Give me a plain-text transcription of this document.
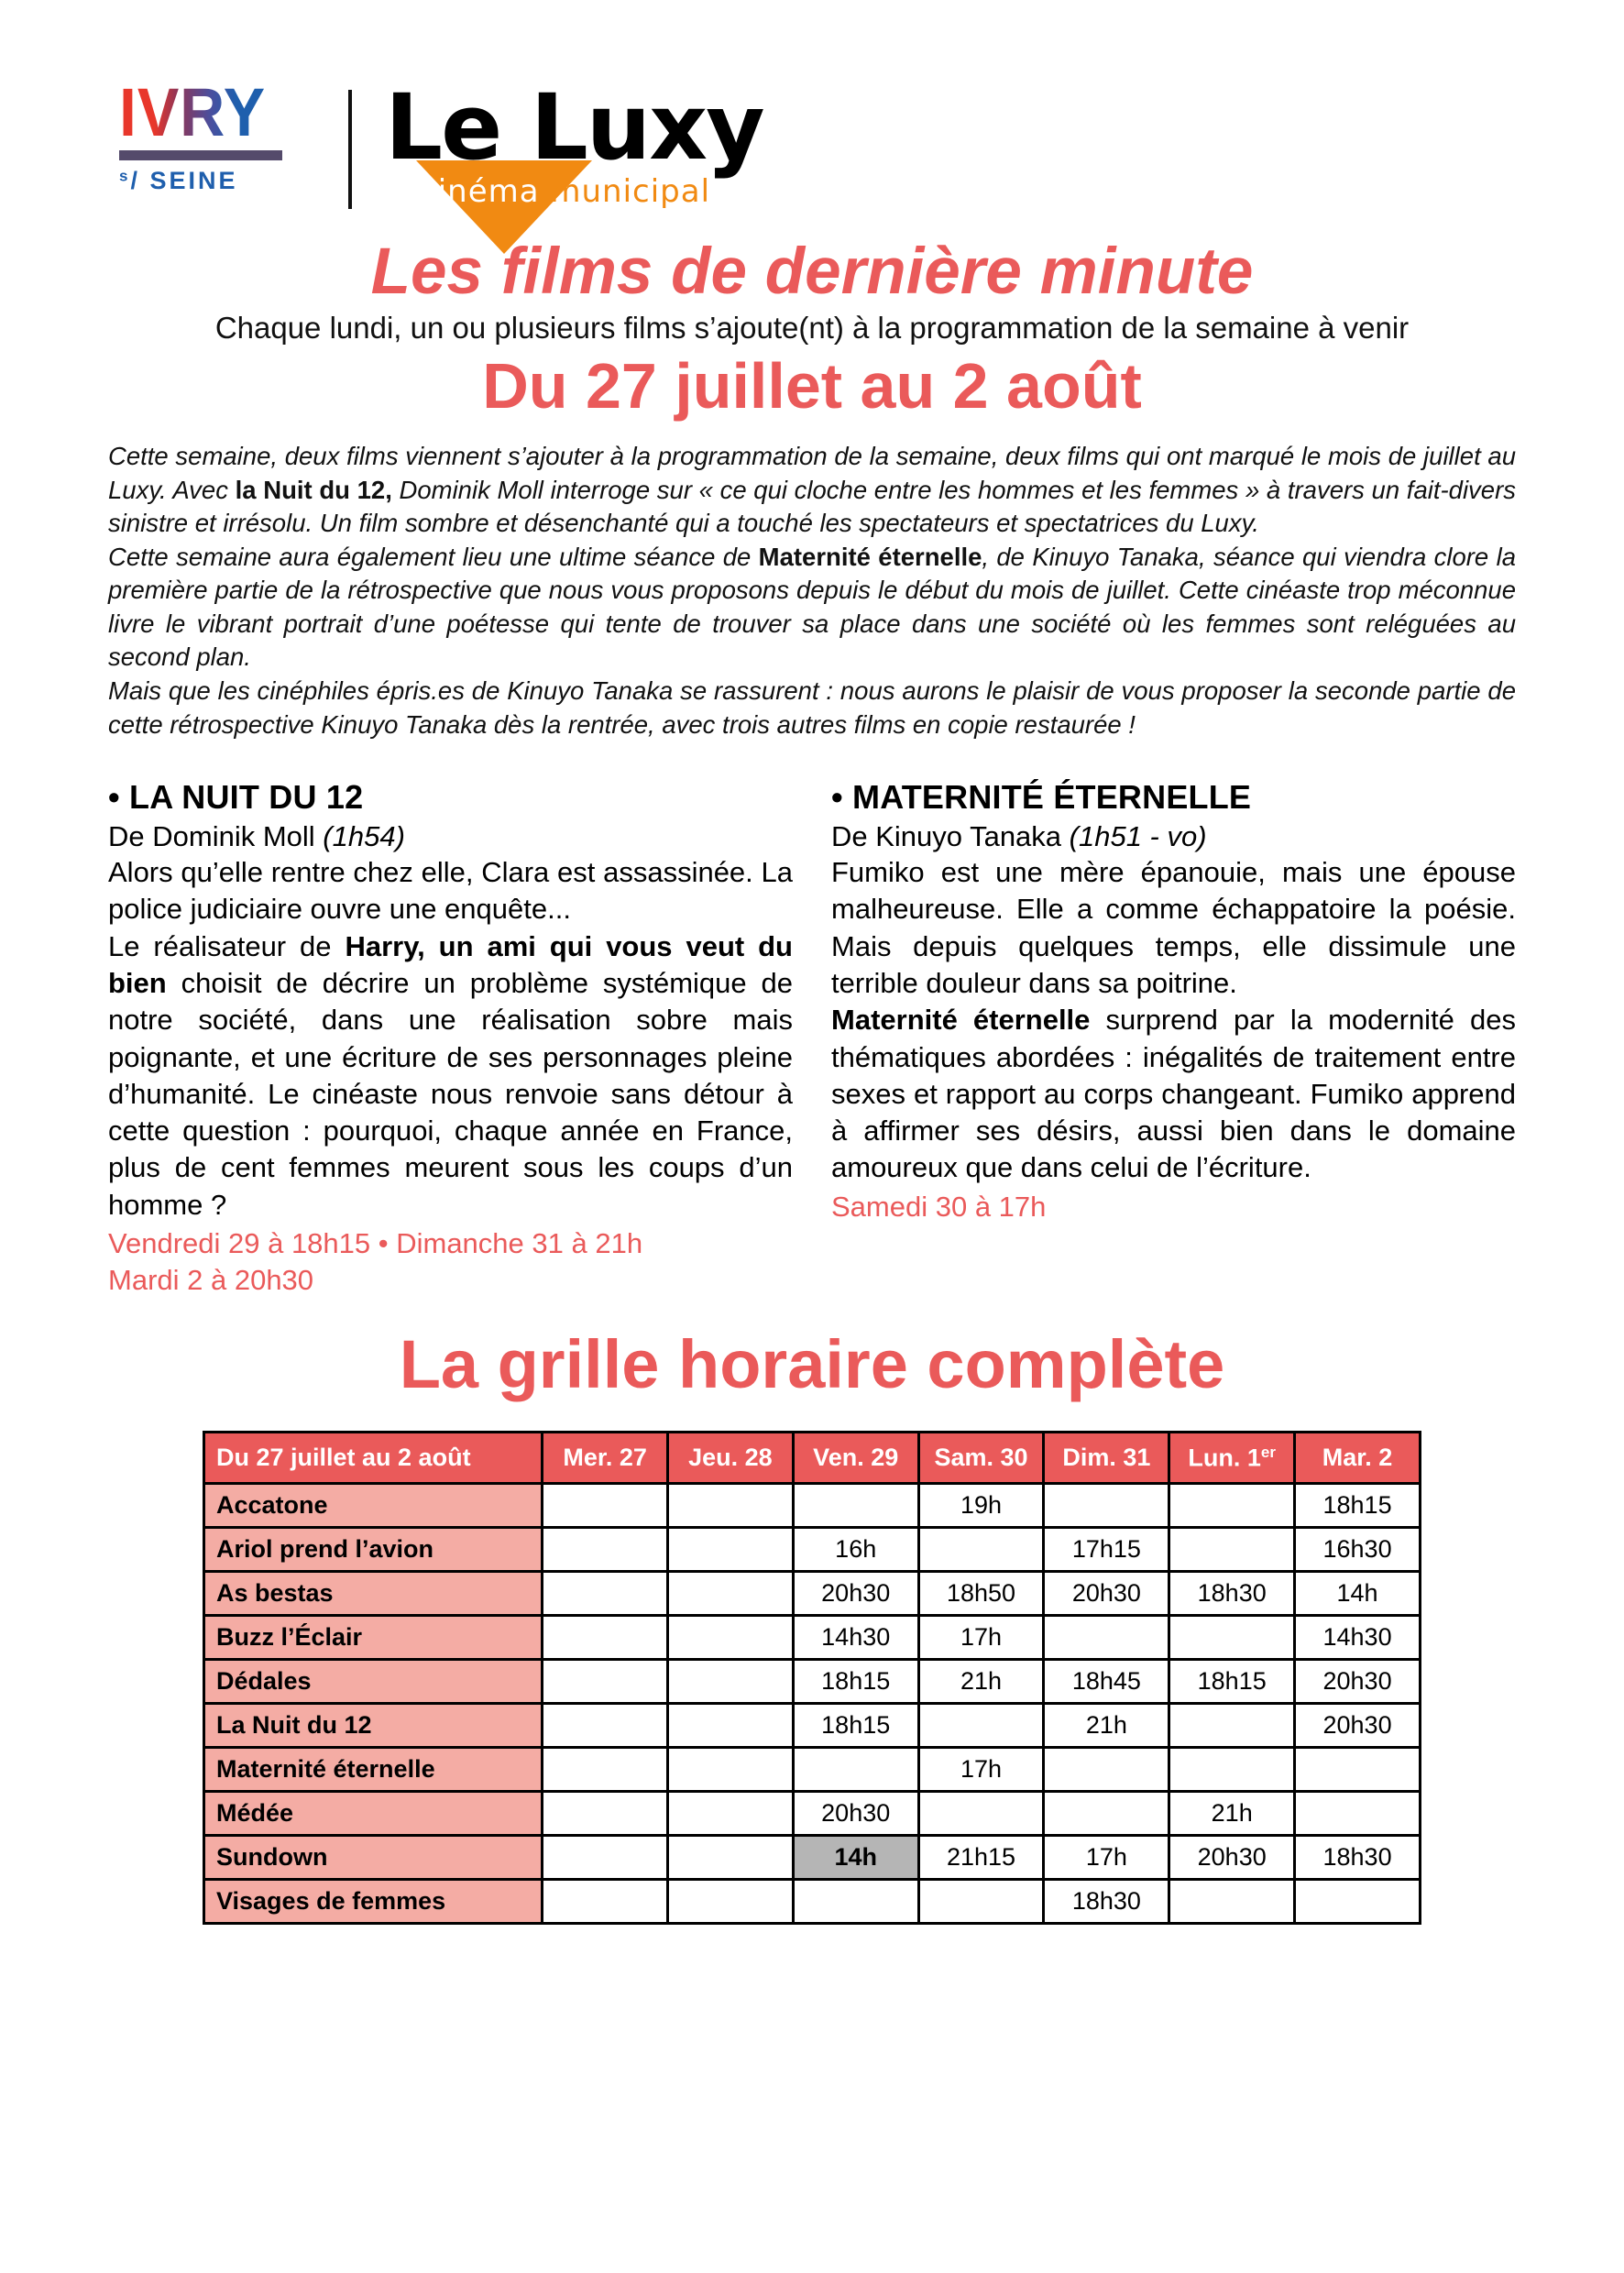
IVRY
$^s$/ SEINE
Le Luxy
cinéma municipal
Les films de dernière minute
Chaque lundi, un ou plusieurs films s’ajoute(nt) à la programmation de la semaine à venir
Du 27 juillet au 2 août

Cette semaine, deux films viennent s’ajouter à la programmation de la semaine, deux films qui ont marqué le mois de juillet au Luxy. Avec la Nuit du 12, Dominik Moll interroge sur « ce qui cloche entre les hommes et les femmes » à travers un fait-divers sinistre et irrésolu. Un film sombre et désenchanté qui a touché les spectateurs et spectatrices du Luxy.

Cette semaine aura également lieu une ultime séance de Maternité éternelle, de Kinuyo Tanaka, séance qui viendra clore la première partie de la rétrospective que nous vous proposons depuis le début du mois de juillet. Cette cinéaste trop méconnue livre le vibrant portrait d’une poétesse qui tente de trouver sa place dans une société où les femmes sont reléguées au second plan.

Mais que les cinéphiles épris.es de Kinuyo Tanaka se rassurent : nous aurons le plaisir de vous proposer la seconde partie de cette rétrospective Kinuyo Tanaka dès la rentrée, avec trois autres films en copie restaurée !

• LA NUIT DU 12
De Dominik Moll (1h54)

Alors qu’elle rentre chez elle, Clara est assassinée. La police judiciaire ouvre une enquête...

Le réalisateur de Harry, un ami qui vous veut du bien choisit de décrire un problème systémique de notre société, dans une réalisation sobre mais poignante, et une écriture de ses personnages pleine d’humanité. Le cinéaste nous renvoie sans détour à cette question : pourquoi, chaque année en France, plus de cent femmes meurent sous les coups d’un homme ?

Vendredi 29 à 18h15 • Dimanche 31 à 21h
Mardi 2 à 20h30
• MATERNITÉ ÉTERNELLE
De Kinuyo Tanaka (1h51 - vo)

Fumiko est une mère épanouie, mais une épouse malheureuse. Elle a comme échappatoire la poésie. Mais depuis quelques temps, elle dissimule une terrible douleur dans sa poitrine.

Maternité éternelle surprend par la modernité des thématiques abordées : inégalités de traitement entre sexes et rapport au corps changeant. Fumiko apprend à affirmer ses désirs, aussi bien dans le domaine amoureux que dans celui de l’écriture.

Samedi 30 à 17h
La grille horaire complète
Du 27 juillet au 2 août	Mer. 27	Jeu. 28	Ven. 29	Sam. 30	Dim. 31	Lun. 1er	Mar. 2
Accatone				19h			18h15
Ariol prend l’avion			16h		17h15		16h30
As bestas			20h30	18h50	20h30	18h30	14h
Buzz l’Éclair			14h30	17h			14h30
Dédales			18h15	21h	18h45	18h15	20h30
La Nuit du 12			18h15		21h		20h30
Maternité éternelle				17h			
Médée			20h30			21h	
Sundown			14h	21h15	17h	20h30	18h30
Visages de femmes					18h30		
